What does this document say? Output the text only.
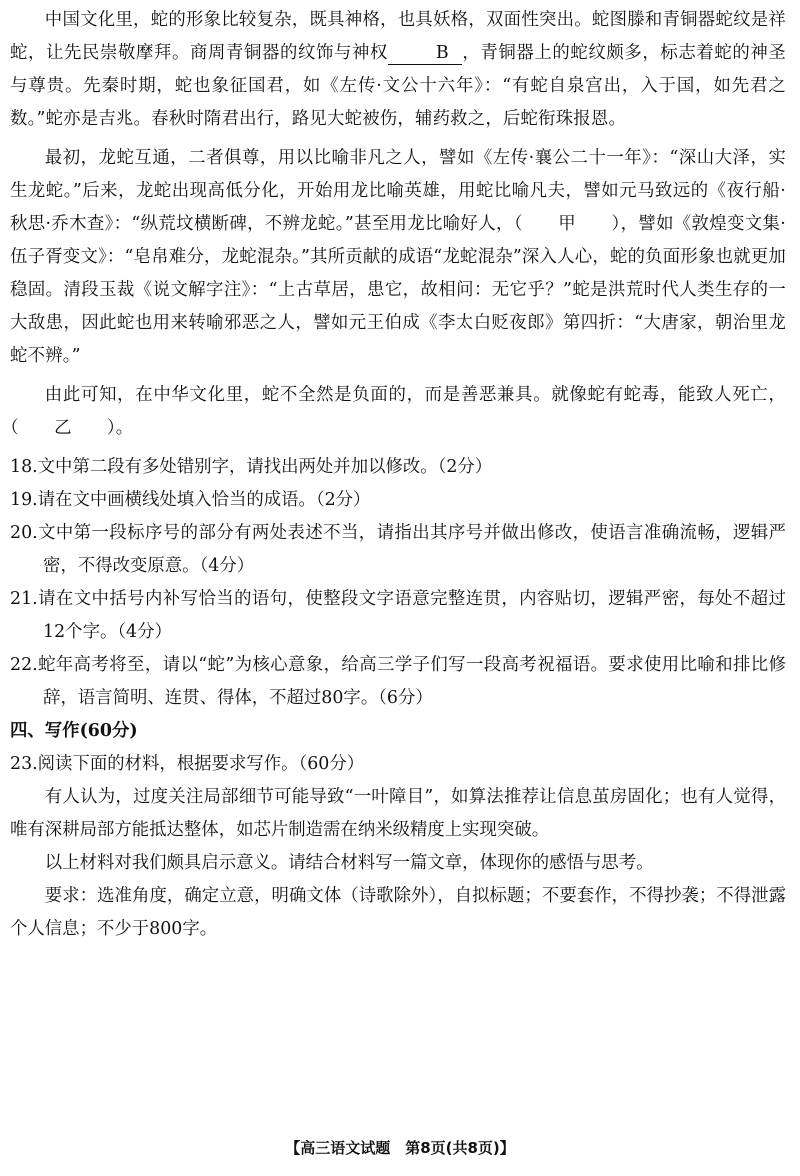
中国文化里，蛇的形象比较复杂，既具神格，也具妖格，双面性突出。蛇图滕和青铜器蛇纹是祥蛇，让先民崇敬摩拜。商周青铜器的纹饰与神权	B ，青铜器上的蛇纹颇多，标志着蛇的神圣与尊贵。先秦时期，蛇也象征国君，如《左传·文公十六年》：“有蛇自泉宫出，入于国，如先君之数。”蛇亦是吉兆。春秋时隋君出行，路见大蛇被伤，辅药救之，后蛇衔珠报恩。

最初，龙蛇互通，二者俱尊，用以比喻非凡之人，譬如《左传·襄公二十一年》：“深山大泽，实生龙蛇。”后来，龙蛇出现高低分化，开始用龙比喻英雄，用蛇比喻凡夫，譬如元马致远的《夜行船·秋思·乔木查》：“纵荒坟横断碑，不辨龙蛇。”甚至用龙比喻好人，（　　甲　　），譬如《敦煌变文集·伍子胥变文》：“皂帛难分，龙蛇混杂。”其所贡献的成语“龙蛇混杂”深入人心，蛇的负面形象也就更加稳固。清段玉裁《说文解字注》：“上古草居，患它，故相问：无它乎？”蛇是洪荒时代人类生存的一大敌患，因此蛇也用来转喻邪恶之人，譬如元王伯成《李太白贬夜郎》第四折：“大唐家，朝治里龙蛇不辨。”

由此可知，在中华文化里，蛇不全然是负面的，而是善恶兼具。就像蛇有蛇毒，能致人死亡，（　　乙　　）。

18.文中第二段有多处错别字，请找出两处并加以修改。（2分）

19.请在文中画横线处填入恰当的成语。（2分）

20.文中第一段标序号的部分有两处表述不当，请指出其序号并做出修改，使语言准确流畅，逻辑严密，不得改变原意。（4分）

21.请在文中括号内补写恰当的语句，使整段文字语意完整连贯，内容贴切，逻辑严密，每处不超过12个字。（4分）

22.蛇年高考将至，请以“蛇”为核心意象，给高三学子们写一段高考祝福语。要求使用比喻和排比修辞，语言简明、连贯、得体，不超过80字。（6分）

四、写作(60分)

23.阅读下面的材料，根据要求写作。（60分）

有人认为，过度关注局部细节可能导致“一叶障目”，如算法推荐让信息茧房固化；也有人觉得，唯有深耕局部方能抵达整体，如芯片制造需在纳米级精度上实现突破。

以上材料对我们颇具启示意义。请结合材料写一篇文章，体现你的感悟与思考。

要求：选准角度，确定立意，明确文体（诗歌除外），自拟标题；不要套作，不得抄袭；不得泄露个人信息；不少于800字。

【高三语文试题　第8页(共8页)】
